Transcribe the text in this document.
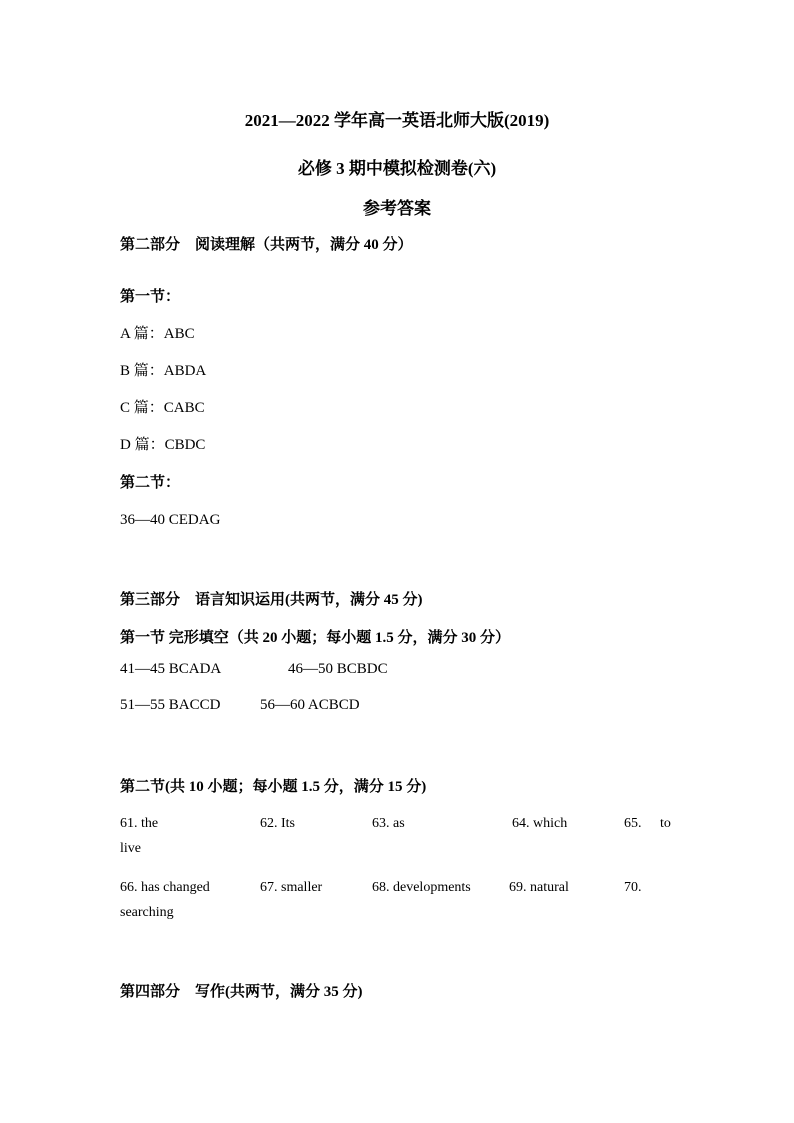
2021—2022 学年高一英语北师大版(2019)
必修 3 期中模拟检测卷(六)
参考答案
第二部分　阅读理解（共两节，满分 40 分）
第一节：
A 篇：ABC
B 篇：ABDA
C 篇：CABC
D 篇：CBDC
第二节：
36—40 CEDAG
第三部分　语言知识运用(共两节，满分 45 分)
第一节 完形填空（共 20 小题；每小题 1.5 分，满分 30 分）
41—45 BCADA	46—50 BCBDC
51—55 BACCD	56—60 ACBCD
第二节(共 10 小题；每小题 1.5 分，满分 15 分)
61. the	62. Its	63. as	64. which	65. to
live
66. has changed	67. smaller	68. developments	69. natural	70.
searching
第四部分　写作(共两节，满分 35 分)
